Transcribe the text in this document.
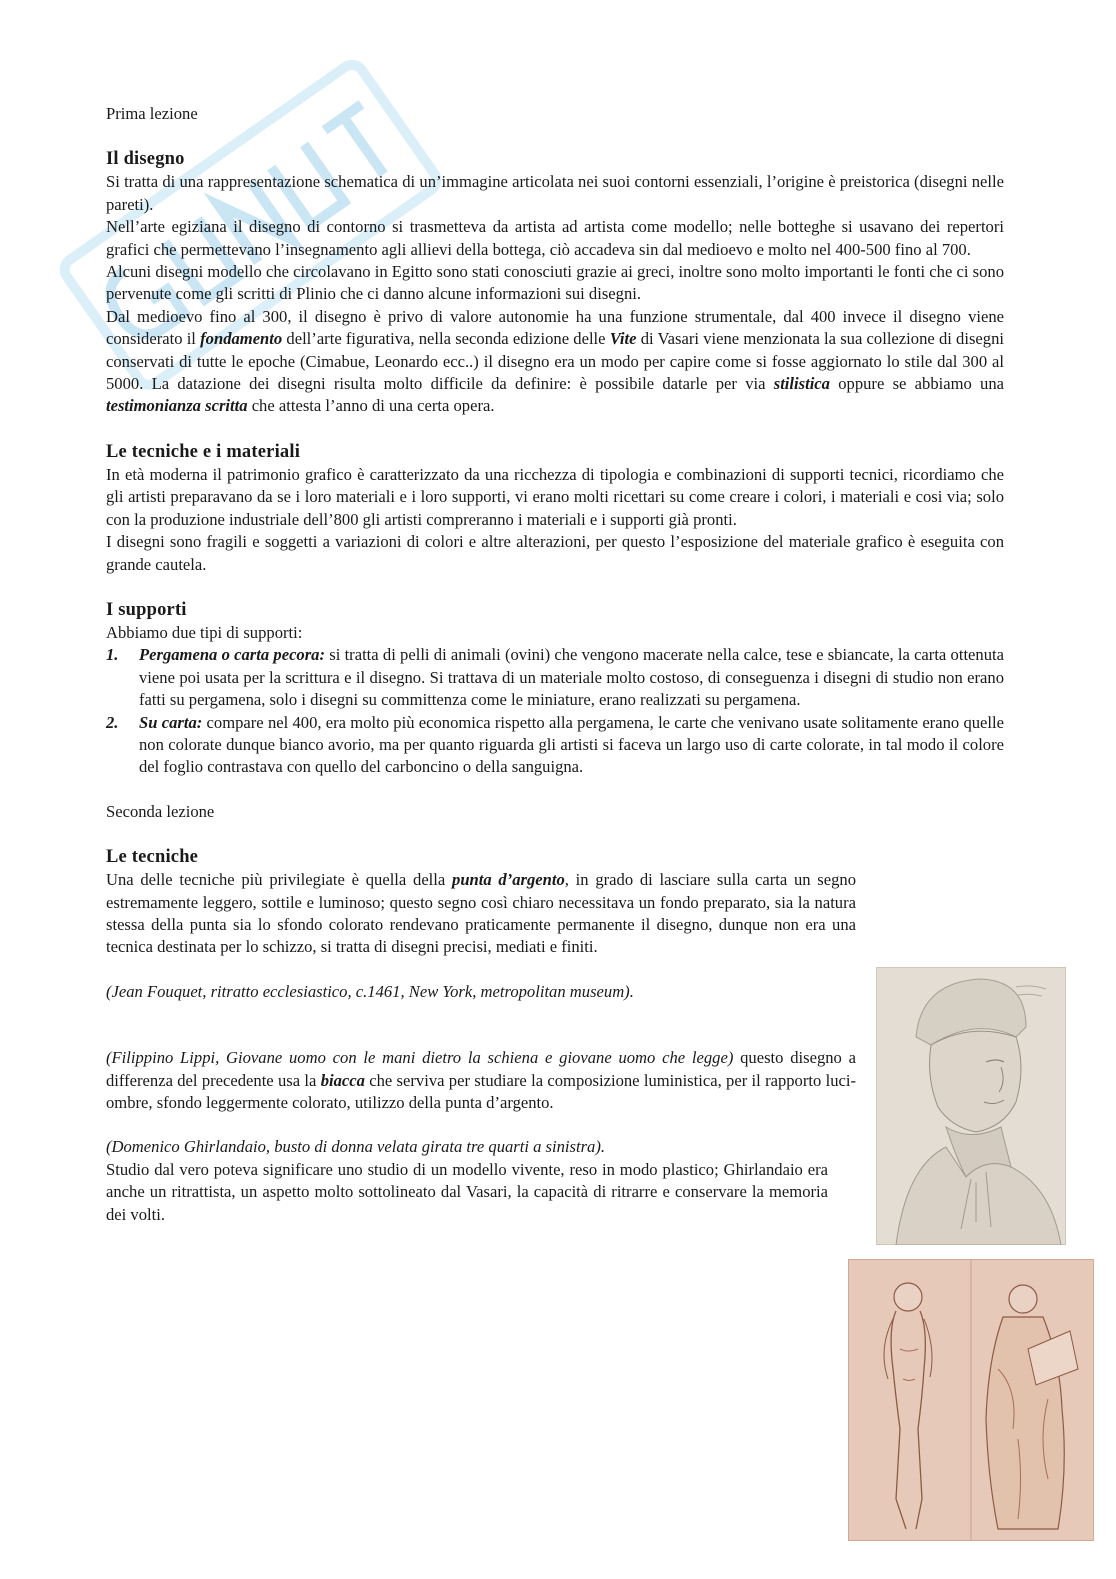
Prima lezione

Il disegno

Si tratta di una rappresentazione schematica di un’immagine articolata nei suoi contorni essenziali, l’origine è preistorica (disegni nelle pareti).

Nell’arte egiziana il disegno di contorno si trasmetteva da artista ad artista come modello; nelle botteghe si usavano dei repertori grafici che permettevano l’insegnamento agli allievi della bottega, ciò accadeva sin dal medioevo e molto nel 400-500 fino al 700.

Alcuni disegni modello che circolavano in Egitto sono stati conosciuti grazie ai greci, inoltre sono molto importanti le fonti che ci sono pervenute come gli scritti di Plinio che ci danno alcune informazioni sui disegni.

Dal medioevo fino al 300, il disegno è privo di valore autonomie ha una funzione strumentale, dal 400 invece il disegno viene considerato il fondamento dell’arte figurativa, nella seconda edizione delle Vite di Vasari viene menzionata la sua collezione di disegni conservati di tutte le epoche (Cimabue, Leonardo ecc..) il disegno era un modo per capire come si fosse aggiornato lo stile dal 300 al 5000. La datazione dei disegni risulta molto difficile da definire: è possibile datarle per via stilistica oppure se abbiamo una testimonianza scritta che attesta l’anno di una certa opera.

Le tecniche e i materiali

In età moderna il patrimonio grafico è caratterizzato da una ricchezza di tipologia e combinazioni di supporti tecnici, ricordiamo che gli artisti preparavano da se i loro materiali e i loro supporti, vi erano molti ricettari su come creare i colori, i materiali e cosi via; solo con la produzione industriale dell’800 gli artisti compreranno i materiali e i supporti già pronti.

I disegni sono fragili e soggetti a variazioni di colori e altre alterazioni, per questo l’esposizione del materiale grafico è eseguita con grande cautela.

I supporti

Abbiamo due tipi di supporti:

1. Pergamena o carta pecora: si tratta di pelli di animali (ovini) che vengono macerate nella calce, tese e sbiancate, la carta ottenuta viene poi usata per la scrittura e il disegno. Si trattava di un materiale molto costoso, di conseguenza i disegni di studio non erano fatti su pergamena, solo i disegni su committenza come le miniature, erano realizzati su pergamena.
2. Su carta: compare nel 400, era molto più economica rispetto alla pergamena, le carte che venivano usate solitamente erano quelle non colorate dunque bianco avorio, ma per quanto riguarda gli artisti si faceva un largo uso di carte colorate, in tal modo il colore del foglio contrastava con quello del carboncino o della sanguigna.

Seconda lezione

Le tecniche

Una delle tecniche più privilegiate è quella della punta d’argento, in grado di lasciare sulla carta un segno estremamente leggero, sottile e luminoso; questo segno così chiaro necessitava un fondo preparato, sia la natura stessa della punta sia lo sfondo colorato rendevano praticamente permanente il disegno, dunque non era una tecnica destinata per lo schizzo, si tratta di disegni precisi, mediati e finiti.

(Jean Fouquet, ritratto ecclesiastico, c.1461, New York, metropolitan museum).

(Filippino Lippi, Giovane uomo con le mani dietro la schiena e giovane uomo che legge) questo disegno a differenza del precedente usa la biacca che serviva per studiare la composizione luministica, per il rapporto luci-ombre, sfondo leggermente colorato, utilizzo della punta d’argento.

(Domenico Ghirlandaio, busto di donna velata girata tre quarti a sinistra).

Studio dal vero poteva significare uno studio di un modello vivente, reso in modo plastico; Ghirlandaio era anche un ritrattista, un aspetto molto sottolineato dal Vasari, la capacità di ritrarre e conservare la memoria dei volti.
